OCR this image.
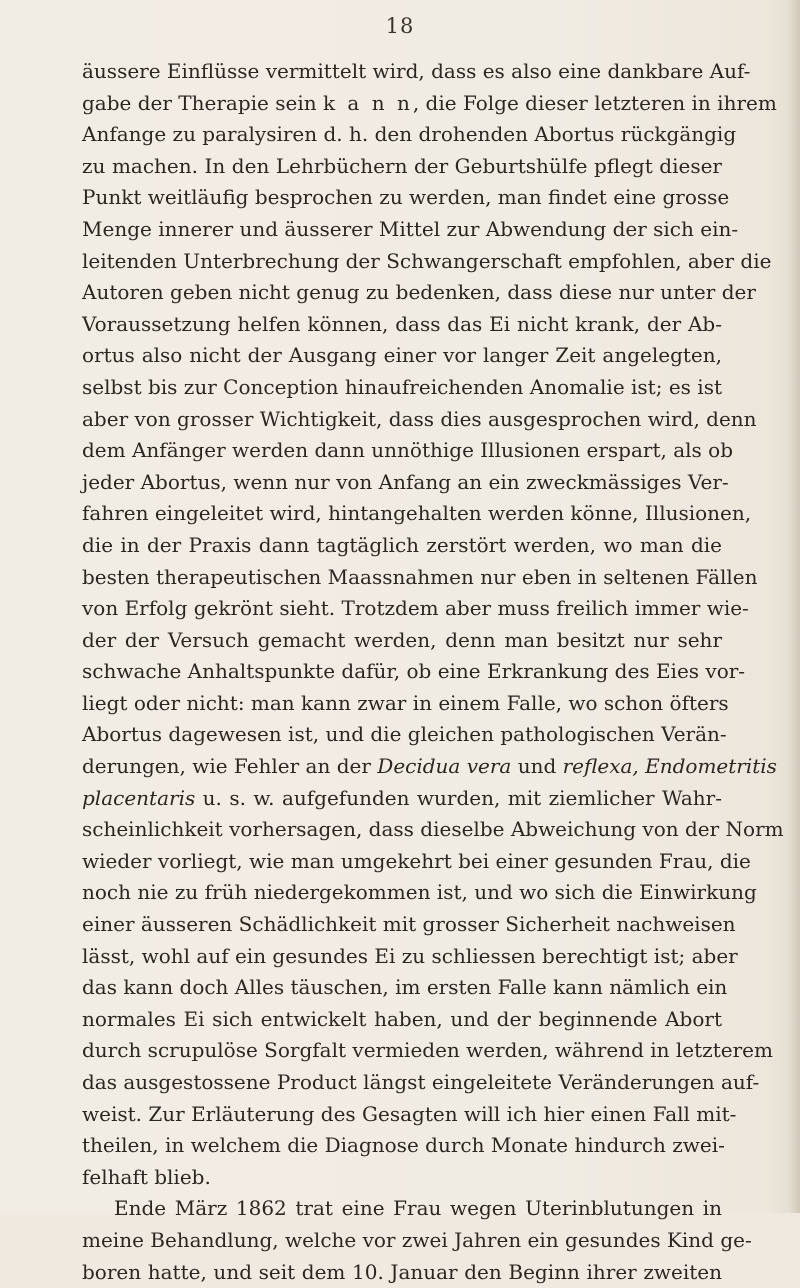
18
äussere Einflüsse vermittelt wird, dass es also eine dankbare Auf-
gabe der Therapie sein k a n n, die Folge dieser letzteren in ihrem
Anfange zu paralysiren d. h. den drohenden Abortus rückgängig
zu machen. In den Lehrbüchern der Geburtshülfe pflegt dieser
Punkt weitläufig besprochen zu werden, man findet eine grosse
Menge innerer und äusserer Mittel zur Abwendung der sich ein-
leitenden Unterbrechung der Schwangerschaft empfohlen, aber die
Autoren geben nicht genug zu bedenken, dass diese nur unter der
Voraussetzung helfen können, dass das Ei nicht krank, der Ab-
ortus also nicht der Ausgang einer vor langer Zeit angelegten,
selbst bis zur Conception hinaufreichenden Anomalie ist; es ist
aber von grosser Wichtigkeit, dass dies ausgesprochen wird, denn
dem Anfänger werden dann unnöthige Illusionen erspart, als ob
jeder Abortus, wenn nur von Anfang an ein zweckmässiges Ver-
fahren eingeleitet wird, hintangehalten werden könne, Illusionen,
die in der Praxis dann tagtäglich zerstört werden, wo man die
besten therapeutischen Maassnahmen nur eben in seltenen Fällen
von Erfolg gekrönt sieht. Trotzdem aber muss freilich immer wie-
der der Versuch gemacht werden, denn man besitzt nur sehr
schwache Anhaltspunkte dafür, ob eine Erkrankung des Eies vor-
liegt oder nicht: man kann zwar in einem Falle, wo schon öfters
Abortus dagewesen ist, und die gleichen pathologischen Verän-
derungen, wie Fehler an der Decidua vera und reflexa, Endometritis
placentaris u. s. w. aufgefunden wurden, mit ziemlicher Wahr-
scheinlichkeit vorhersagen, dass dieselbe Abweichung von der Norm
wieder vorliegt, wie man umgekehrt bei einer gesunden Frau, die
noch nie zu früh niedergekommen ist, und wo sich die Einwirkung
einer äusseren Schädlichkeit mit grosser Sicherheit nachweisen
lässt, wohl auf ein gesundes Ei zu schliessen berechtigt ist; aber
das kann doch Alles täuschen, im ersten Falle kann nämlich ein
normales Ei sich entwickelt haben, und der beginnende Abort
durch scrupulöse Sorgfalt vermieden werden, während in letzterem
das ausgestossene Product längst eingeleitete Veränderungen auf-
weist. Zur Erläuterung des Gesagten will ich hier einen Fall mit-
theilen, in welchem die Diagnose durch Monate hindurch zwei-
felhaft blieb.
Ende März 1862 trat eine Frau wegen Uterinblutungen in
meine Behandlung, welche vor zwei Jahren ein gesundes Kind ge-
boren hatte, und seit dem 10. Januar den Beginn ihrer zweiten
